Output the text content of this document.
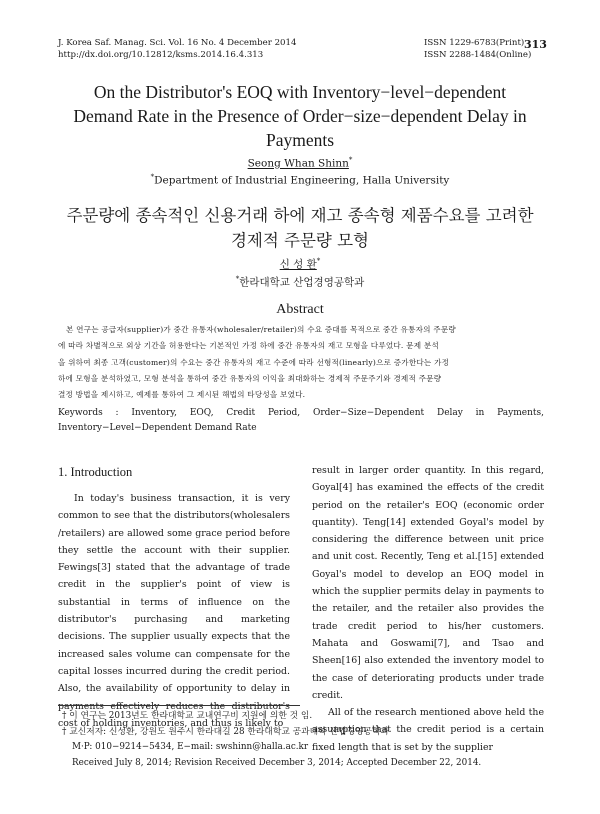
J. Korea Saf. Manag. Sci. Vol. 16 No. 4 December 2014
http://dx.doi.org/10.12812/ksms.2014.16.4.313
ISSN 1229-6783(Print)
ISSN 2288-1484(Online)
313
On the Distributor's EOQ with Inventory−level−dependent
Demand Rate in the Presence of Order−size−dependent Delay in
Payments
Seong Whan Shinn*
*Department of Industrial Engineering, Halla University
주문량에 종속적인 신용거래 하에 재고 종속형 제품수요를 고려한
경제적 주문량 모형
신 성 환*
*한라대학교 산업경영공학과
Abstract
본 연구는 공급자(supplier)가 중간 유통자(wholesaler/retailer)의 수요 증대를 목적으로 중간 유통자의 주문량
에 따라 차별적으로 외상 기간을 허용한다는 기본적인 가정 하에 중간 유통자의 재고 모형을 다루었다. 문제 분석
을 위하여 최종 고객(customer)의 수요는 중간 유통자의 재고 수준에 따라 선형적(linearly)으로 증가한다는 가정
하에 모형을 분석하였고, 모형 분석을 통하여 중간 유통자의 이익을 최대화하는 경제적 주문주기와 경제적 주문량
결정 방법을 제시하고, 예제를 통하여 그 제시된 해법의 타당성을 보였다.
Keywords : Inventory, EOQ, Credit Period, Order−Size−Dependent Delay in Payments,
Inventory−Level−Dependent Demand Rate
1. Introduction

In today's business transaction, it is very common to see that the distributors(wholesalers /retailers) are allowed some grace period before they settle the account with their supplier. Fewings[3] stated that the advantage of trade credit in the supplier's point of view is substantial in terms of influence on the distributor's purchasing and marketing decisions. The supplier usually expects that the increased sales volume can compensate for the capital losses incurred during the credit period. Also, the availability of opportunity to delay in payments effectively reduces the distributor's cost of holding inventories, and thus is likely to

result in larger order quantity. In this regard, Goyal[4] has examined the effects of the credit period on the retailer's EOQ (economic order quantity). Teng[14] extended Goyal's model by considering the difference between unit price and unit cost. Recently, Teng et al.[15] extended Goyal's model to develop an EOQ model in which the supplier permits delay in payments to the retailer, and the retailer also provides the trade credit period to his/her customers. Mahata and Goswami[7], and Tsao and Sheen[16] also extended the inventory model to the case of deteriorating products under trade credit.

All of the research mentioned above held the assumption that the credit period is a certain fixed length that is set by the supplier

† 이 연구는 2013년도 한라대학교 교내연구비 지원에 의한 것 임.
† 교신저자: 신성환, 강원도 원주시 한라대길 28 한라대학교 공과대학 산업경영공학과
M·P: 010−9214−5434, E−mail: swshinn@halla.ac.kr
Received July 8, 2014; Revision Received December 3, 2014; Accepted December 22, 2014.
